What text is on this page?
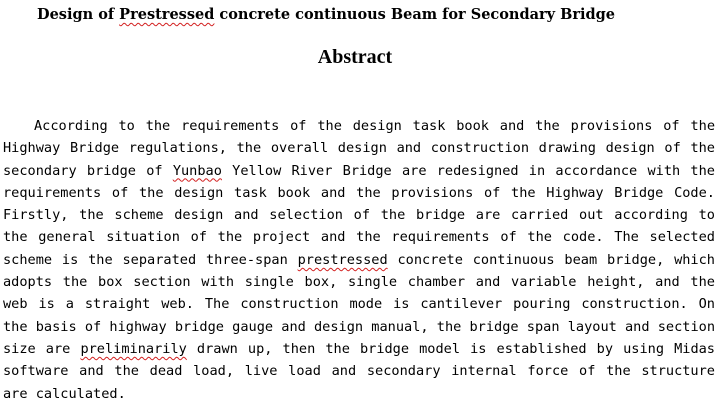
Design of Prestressed concrete continuous Beam for Secondary Bridge
Abstract
According to the requirements of the design task book and the provisions of the
Highway Bridge regulations, the overall design and construction drawing design of the
secondary bridge of Yunbao Yellow River Bridge are redesigned in accordance with the
requirements of the design task book and the provisions of the Highway Bridge Code.
Firstly, the scheme design and selection of the bridge are carried out according to
the general situation of the project and the requirements of the code. The selected
scheme is the separated three-span prestressed concrete continuous beam bridge, which
adopts the box section with single box, single chamber and variable height, and the
web is a straight web. The construction mode is cantilever pouring construction. On
the basis of highway bridge gauge and design manual, the bridge span layout and section
size are preliminarily drawn up, then the bridge model is established by using Midas
software and the dead load, live load and secondary internal force of the structure
are calculated.
